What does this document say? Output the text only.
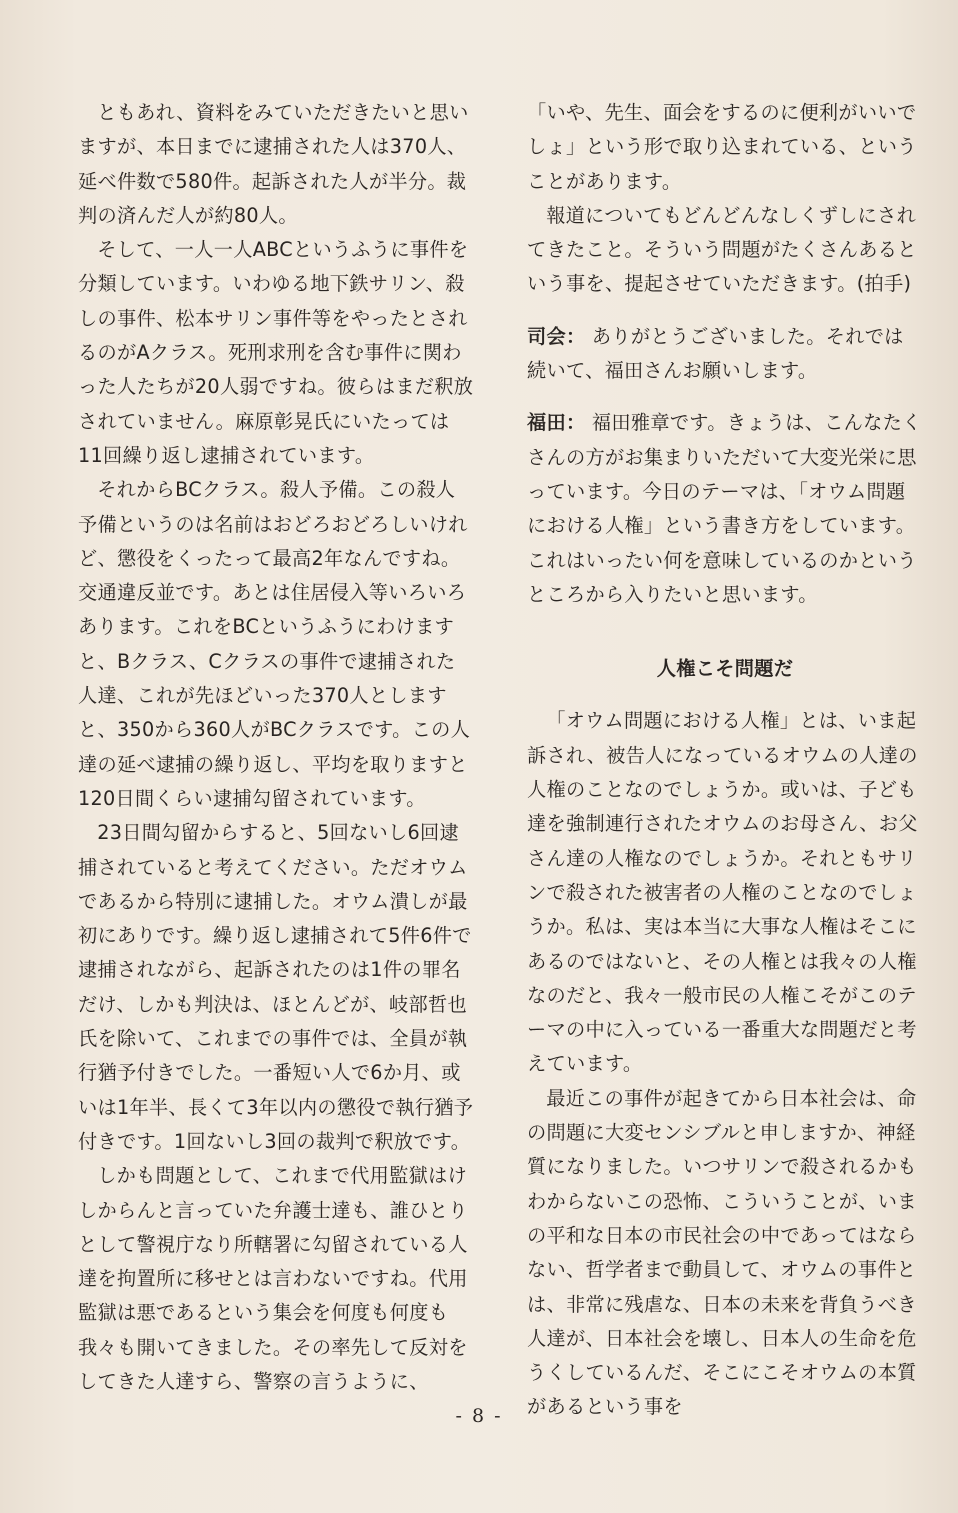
ともあれ、資料をみていただきたいと思いますが、本日までに逮捕された人は370人、延べ件数で580件。起訴された人が半分。裁判の済んだ人が約80人。

そして、一人一人ABCというふうに事件を分類しています。いわゆる地下鉄サリン、殺しの事件、松本サリン事件等をやったとされるのがAクラス。死刑求刑を含む事件に関わった人たちが20人弱ですね。彼らはまだ釈放されていません。麻原彰晃氏にいたっては11回繰り返し逮捕されています。

それからBCクラス。殺人予備。この殺人予備というのは名前はおどろおどろしいけれど、懲役をくったって最高2年なんですね。交通違反並です。あとは住居侵入等いろいろあります。これをBCというふうにわけますと、Bクラス、Cクラスの事件で逮捕された人達、これが先ほどいった370人としますと、350から360人がBCクラスです。この人達の延べ逮捕の繰り返し、平均を取りますと120日間くらい逮捕勾留されています。

23日間勾留からすると、5回ないし6回逮捕されていると考えてください。ただオウムであるから特別に逮捕した。オウム潰しが最初にありです。繰り返し逮捕されて5件6件で逮捕されながら、起訴されたのは1件の罪名だけ、しかも判決は、ほとんどが、岐部哲也氏を除いて、これまでの事件では、全員が執行猶予付きでした。一番短い人で6か月、或いは1年半、長くて3年以内の懲役で執行猶予付きです。1回ないし3回の裁判で釈放です。

しかも問題として、これまで代用監獄はけしからんと言っていた弁護士達も、誰ひとりとして警視庁なり所轄署に勾留されている人達を拘置所に移せとは言わないですね。代用監獄は悪であるという集会を何度も何度も我々も開いてきました。その率先して反対をしてきた人達すら、警察の言うように、

「いや、先生、面会をするのに便利がいいでしょ」という形で取り込まれている、ということがあります。

報道についてもどんどんなしくずしにされてきたこと。そういう問題がたくさんあるという事を、提起させていただきます。(拍手)

司会： ありがとうございました。それでは続いて、福田さんお願いします。

福田： 福田雅章です。きょうは、こんなたくさんの方がお集まりいただいて大変光栄に思っています。今日のテーマは、「オウム問題における人権」という書き方をしています。これはいったい何を意味しているのかというところから入りたいと思います。

人権こそ問題だ

「オウム問題における人権」とは、いま起訴され、被告人になっているオウムの人達の人権のことなのでしょうか。或いは、子ども達を強制連行されたオウムのお母さん、お父さん達の人権なのでしょうか。それともサリンで殺された被害者の人権のことなのでしょうか。私は、実は本当に大事な人権はそこにあるのではないと、その人権とは我々の人権なのだと、我々一般市民の人権こそがこのテーマの中に入っている一番重大な問題だと考えています。

最近この事件が起きてから日本社会は、命の問題に大変センシブルと申しますか、神経質になりました。いつサリンで殺されるかもわからないこの恐怖、こういうことが、いまの平和な日本の市民社会の中であってはならない、哲学者まで動員して、オウムの事件とは、非常に残虐な、日本の未来を背負うべき人達が、日本社会を壊し、日本人の生命を危うくしているんだ、そこにこそオウムの本質があるという事を

- 8 -
